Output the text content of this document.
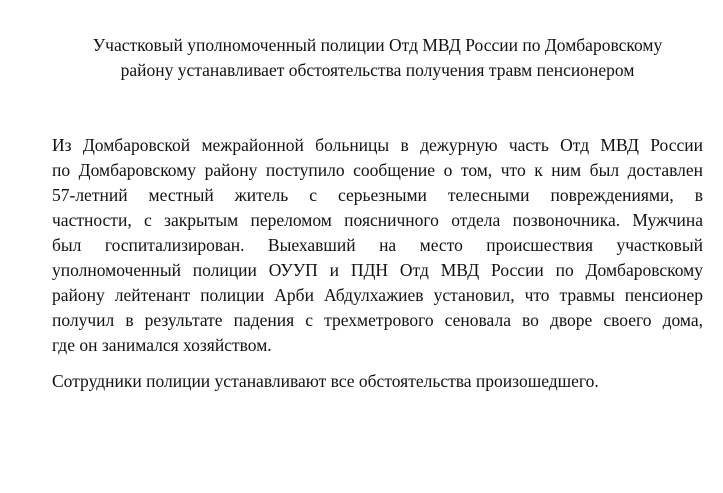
Участковый уполномоченный полиции Отд МВД России по Домбаровскому
району устанавливает обстоятельства получения травм пенсионером
Из Домбаровской межрайонной больницы в дежурную часть Отд МВД России
по Домбаровскому району поступило сообщение о том, что к ним был доставлен
57-летний местный житель с серьезными телесными повреждениями, в
частности, с закрытым переломом поясничного отдела позвоночника. Мужчина
был госпитализирован. Выехавший на место происшествия участковый
уполномоченный полиции ОУУП и ПДН Отд МВД России по Домбаровскому
району лейтенант полиции Арби Абдулхажиев установил, что травмы пенсионер
получил в результате падения с трехметрового сеновала во дворе своего дома,
где он занимался хозяйством.
Сотрудники полиции устанавливают все обстоятельства произошедшего.
